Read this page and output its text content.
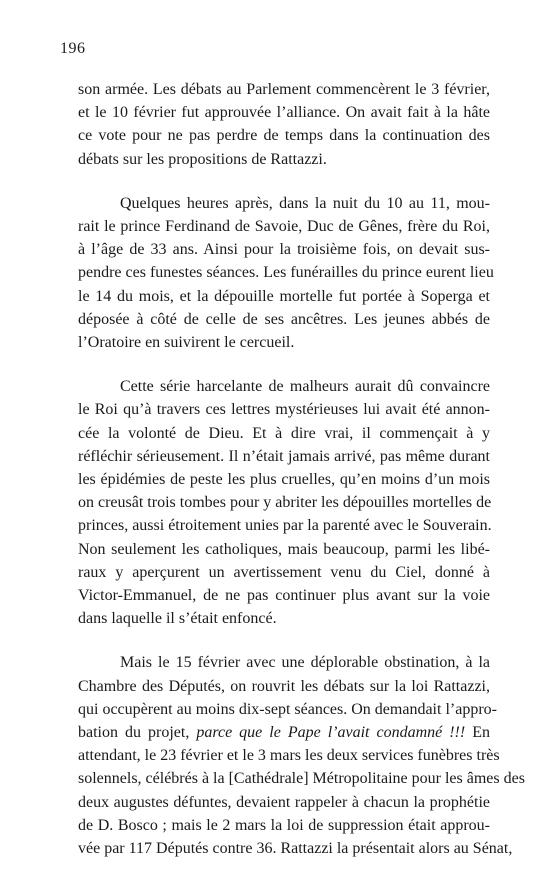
196
son armée. Les débats au Parlement commencèrent le 3 février,
et le 10 février fut approuvée l’alliance. On avait fait à la hâte
ce vote pour ne pas perdre de temps dans la continuation des
débats sur les propositions de Rattazzi.
Quelques heures après, dans la nuit du 10 au 11, mou-
rait le prince Ferdinand de Savoie, Duc de Gênes, frère du Roi,
à l’âge de 33 ans. Ainsi pour la troisième fois, on devait sus-
pendre ces funestes séances. Les funérailles du prince eurent lieu
le 14 du mois, et la dépouille mortelle fut portée à Soperga et
déposée à côté de celle de ses ancêtres. Les jeunes abbés de
l’Oratoire en suivirent le cercueil.
Cette série harcelante de malheurs aurait dû convaincre
le Roi qu’à travers ces lettres mystérieuses lui avait été annon-
cée la volonté de Dieu. Et à dire vrai, il commençait à y
réfléchir sérieusement. Il n’était jamais arrivé, pas même durant
les épidémies de peste les plus cruelles, qu’en moins d’un mois
on creusât trois tombes pour y abriter les dépouilles mortelles de
princes, aussi étroitement unies par la parenté avec le Souverain.
Non seulement les catholiques, mais beaucoup, parmi les libé-
raux y aperçurent un avertissement venu du Ciel, donné à
Victor-Emmanuel, de ne pas continuer plus avant sur la voie
dans laquelle il s’était enfoncé.
Mais le 15 février avec une déplorable obstination, à la
Chambre des Députés, on rouvrit les débats sur la loi Rattazzi,
qui occupèrent au moins dix-sept séances. On demandait l’appro-
bation du projet, parce que le Pape l’avait condamné !!! En
attendant, le 23 février et le 3 mars les deux services funèbres très
solennels, célébrés à la [Cathédrale] Métropolitaine pour les âmes des
deux augustes défuntes, devaient rappeler à chacun la prophétie
de D. Bosco ; mais le 2 mars la loi de suppression était approu-
vée par 117 Députés contre 36. Rattazzi la présentait alors au Sénat,
